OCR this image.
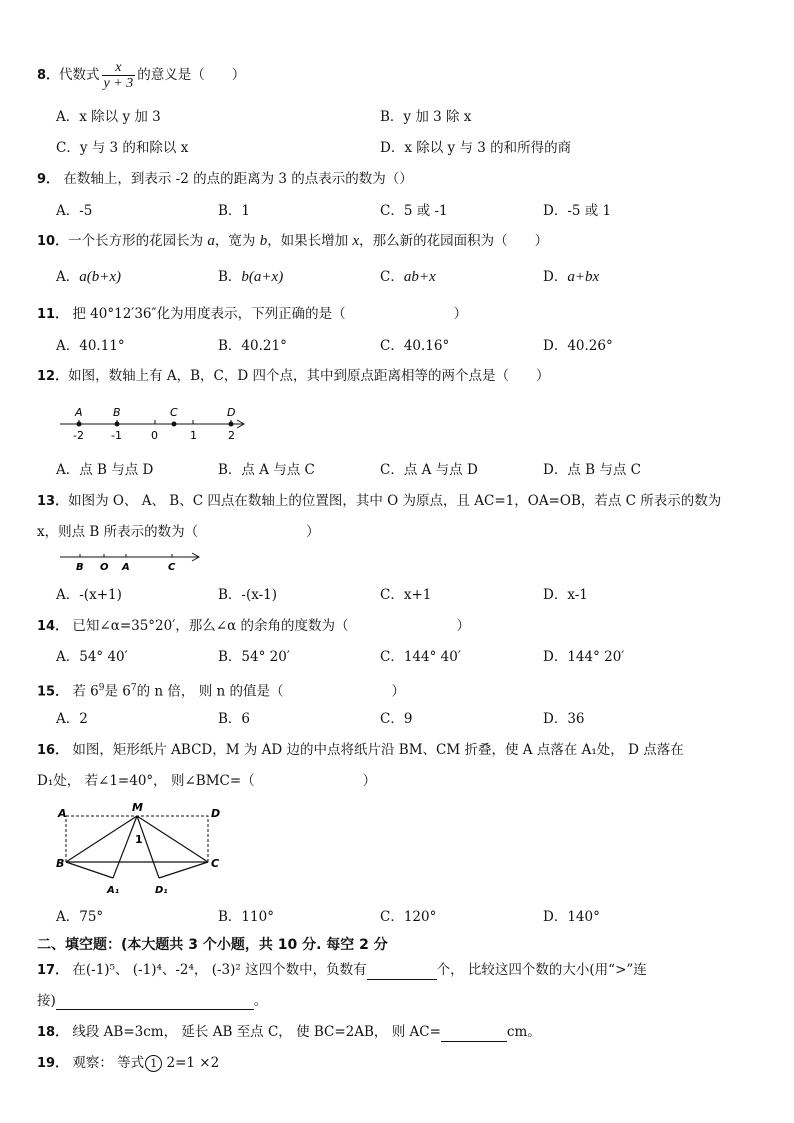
8．代数式 $\frac{x}{y + 3}$ 的意义是（　　）
A．x 除以 y 加 3	B．y 加 3 除 x
C．y 与 3 的和除以 x	D．x 除以 y 与 3 的和所得的商
9． 在数轴上，到表示 -2 的点的距离为 3 的点表示的数为（）
A．-5	B．1	C．5 或 -1	D．-5 或 1
10．一个长方形的花园长为 a，宽为 b，如果长增加 x，那么新的花园面积为（　　）
A．a(b+x)	B．b(a+x)	C．ab+x	D．a+bx
11． 把 40°12′36″化为用度表示，下列正确的是（　　　　　　　　）
A．40.11°	B．40.21°	C．40.16°	D．40.26°
12．如图，数轴上有 A，B，C，D 四个点，其中到原点距离相等的两个点是（　　）
A	B	C	D
-2 -1	0	1	2
A．点 B 与点 D	B．点 A 与点 C	C．点 A 与点 D	D．点 B 与点 C
13．如图为 O、 A、 B、C 四点在数轴上的位置图，其中 O 为原点，且 AC=1，OA=OB，若点 C 所表示的数为
x，则点 B 所表示的数为（　　　　　　　　）
B O A	C
A．-(x+1)	B．-(x-1)	C．x+1	D．x-1
14． 已知∠α=35°20′，那么∠α 的余角的度数为（　　　　　　　　）
A．54° 40′	B．54° 20′	C．144° 40′	D．144° 20′
15． 若 $6^9$是 $6^7$的 n 倍， 则 n 的值是（　　　　　　　　）
A．2	B．6	C．9	D．36
16． 如图，矩形纸片 ABCD，M 为 AD 边的中点将纸片沿 BM、CM 折叠，使 A 点落在 A₁处， D 点落在
D₁处， 若∠1=40°， 则∠BMC=（　　　　　　　　）
A	M	D
B	C
1
A₁	D₁
A．75°	B．110°	C．120°	D．140°
二、填空题：(本大题共 3 个小题，共 10 分. 每空 2 分
17． 在(-1)⁵、 (-1)⁴、-2⁴， (-3)² 这四个数中，负数有	个， 比较这四个数的大小(用“>”连
接)	。
18． 线段 AB=3cm， 延长 AB 至点 C， 使 BC=2AB， 则 AC=	cm。
19． 观察： 等式 1 2=1 ×2
